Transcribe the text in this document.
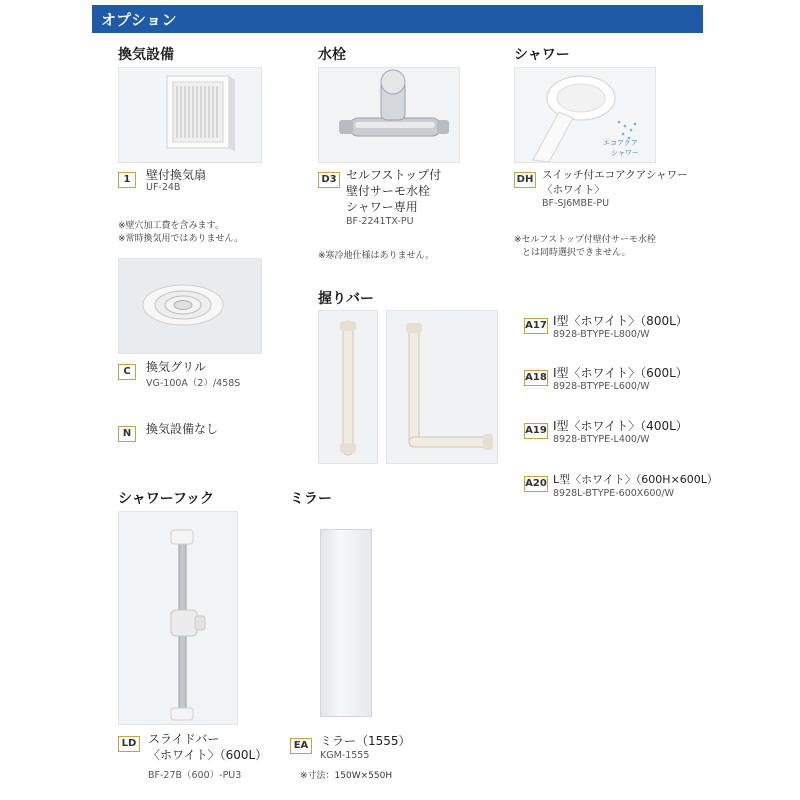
オプション
換気設備
1	壁付換気扇
UF-24B
※壁穴加工費を含みます。
※常時換気用ではありません。
C	換気グリル
VG-100A（2）/458S
N	換気設備なし
水栓
D3 セルフストップ付
壁付サーモ水栓
シャワー専用
BF-2241TX-PU
※寒冷地仕様はありません。
シャワー
エコアクア
シャワー
DH スイッチ付エコアクアシャワー
〈ホワイト〉
BF-SJ6MBE-PU
※セルフストップ付壁付サーモ水栓
とは同時選択できません。
握りバー
A17 I型〈ホワイト〉（800L）
8928-BTYPE-L800/W
A18 I型〈ホワイト〉（600L）
8928-BTYPE-L600/W
A19 I型〈ホワイト〉（400L）
8928-BTYPE-L400/W
A20 L型〈ホワイト〉（600H×600L）
8928L-BTYPE-600X600/W
シャワーフック
LD スライドバー
〈ホワイト〉（600L）
BF-27B（600）-PU3
ミラー
EA ミラー（1555）
KGM-1555
※寸法：150W×550H
